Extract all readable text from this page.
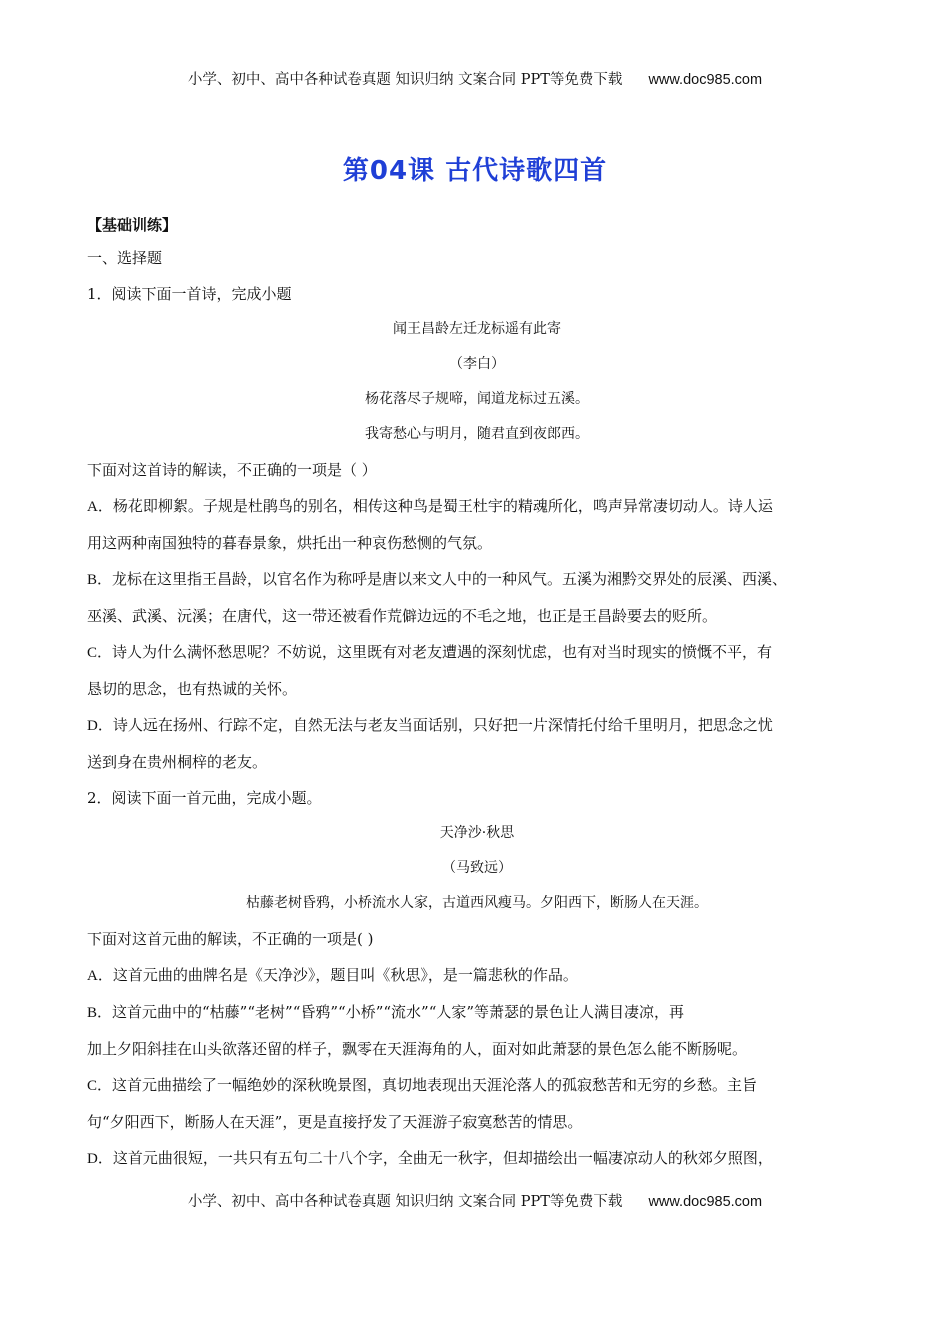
小学、初中、高中各种试卷真题 知识归纳 文案合同 PPT等免费下载 www.doc985.com
第04课 古代诗歌四首
【基础训练】
一、选择题
1．阅读下面一首诗，完成小题
闻王昌龄左迁龙标遥有此寄
（李白）
杨花落尽子规啼，闻道龙标过五溪。
我寄愁心与明月，随君直到夜郎西。
下面对这首诗的解读，不正确的一项是（ ）
A．杨花即柳絮。子规是杜鹃鸟的别名，相传这种鸟是蜀王杜宇的精魂所化，鸣声异常凄切动人。诗人运
用这两种南国独特的暮春景象，烘托出一种哀伤愁恻的气氛。
B．龙标在这里指王昌龄，以官名作为称呼是唐以来文人中的一种风气。五溪为湘黔交界处的辰溪、西溪、
巫溪、武溪、沅溪；在唐代，这一带还被看作荒僻边远的不毛之地，也正是王昌龄要去的贬所。
C．诗人为什么满怀愁思呢？不妨说，这里既有对老友遭遇的深刻忧虑，也有对当时现实的愤慨不平，有
恳切的思念，也有热诚的关怀。
D．诗人远在扬州、行踪不定，自然无法与老友当面话别，只好把一片深情托付给千里明月，把思念之忧
送到身在贵州桐梓的老友。
2．阅读下面一首元曲，完成小题。
天净沙·秋思
（马致远）
枯藤老树昏鸦，小桥流水人家，古道西风瘦马。夕阳西下，断肠人在天涯。
下面对这首元曲的解读，不正确的一项是( )
A．这首元曲的曲牌名是《天净沙》，题目叫《秋思》，是一篇悲秋的作品。
B．这首元曲中的“枯藤”“老树”“昏鸦”“小桥”“流水”“人家”等萧瑟的景色让人满目凄凉，再
加上夕阳斜挂在山头欲落还留的样子，飘零在天涯海角的人，面对如此萧瑟的景色怎么能不断肠呢。
C．这首元曲描绘了一幅绝妙的深秋晚景图，真切地表现出天涯沦落人的孤寂愁苦和无穷的乡愁。主旨
句“夕阳西下，断肠人在天涯”，更是直接抒发了天涯游子寂寞愁苦的情思。
D．这首元曲很短，一共只有五句二十八个字，全曲无一秋字，但却描绘出一幅凄凉动人的秋郊夕照图，
小学、初中、高中各种试卷真题 知识归纳 文案合同 PPT等免费下载 www.doc985.com
